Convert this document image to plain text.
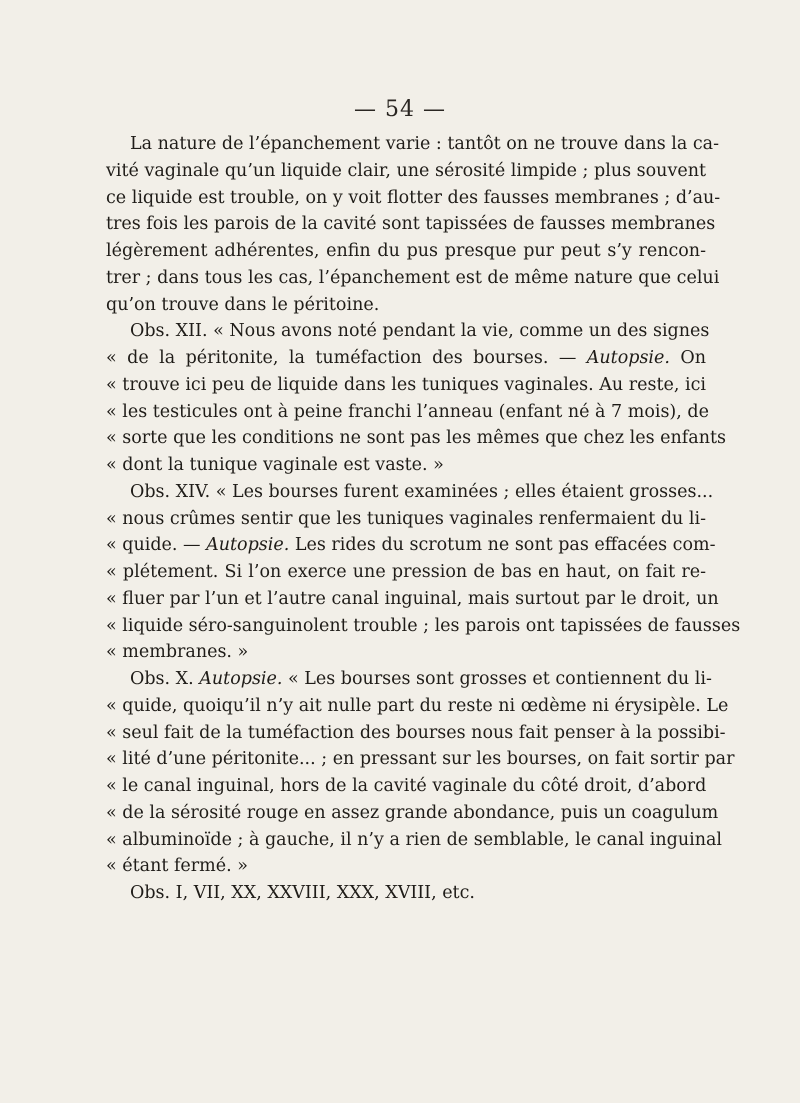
— 54 —
La nature de l’épanchement varie : tantôt on ne trouve dans la ca-
vité vaginale qu’un liquide clair, une sérosité limpide ; plus souvent
ce liquide est trouble, on y voit flotter des fausses membranes ; d’au-
tres fois les parois de la cavité sont tapissées de fausses membranes
légèrement adhérentes, enfin du pus presque pur peut s’y rencon-
trer ; dans tous les cas, l’épanchement est de même nature que celui
qu’on trouve dans le péritoine.
Obs. XII. « Nous avons noté pendant la vie, comme un des signes
« de la péritonite, la tuméfaction des bourses. — Autopsie. On
« trouve ici peu de liquide dans les tuniques vaginales. Au reste, ici
« les testicules ont à peine franchi l’anneau (enfant né à 7 mois), de
« sorte que les conditions ne sont pas les mêmes que chez les enfants
« dont la tunique vaginale est vaste. »
Obs. XIV. « Les bourses furent examinées ; elles étaient grosses...
« nous crûmes sentir que les tuniques vaginales renfermaient du li-
« quide. — Autopsie. Les rides du scrotum ne sont pas effacées com-
« plétement. Si l’on exerce une pression de bas en haut, on fait re-
« fluer par l’un et l’autre canal inguinal, mais surtout par le droit, un
« liquide séro-sanguinolent trouble ; les parois ont tapissées de fausses
« membranes. »
Obs. X. Autopsie. « Les bourses sont grosses et contiennent du li-
« quide, quoiqu’il n’y ait nulle part du reste ni œdème ni érysipèle. Le
« seul fait de la tuméfaction des bourses nous fait penser à la possibi-
« lité d’une péritonite... ; en pressant sur les bourses, on fait sortir par
« le canal inguinal, hors de la cavité vaginale du côté droit, d’abord
« de la sérosité rouge en assez grande abondance, puis un coagulum
« albuminoïde ; à gauche, il n’y a rien de semblable, le canal inguinal
« étant fermé. »
Obs. I, VII, XX, XXVIII, XXX, XVIII, etc.
